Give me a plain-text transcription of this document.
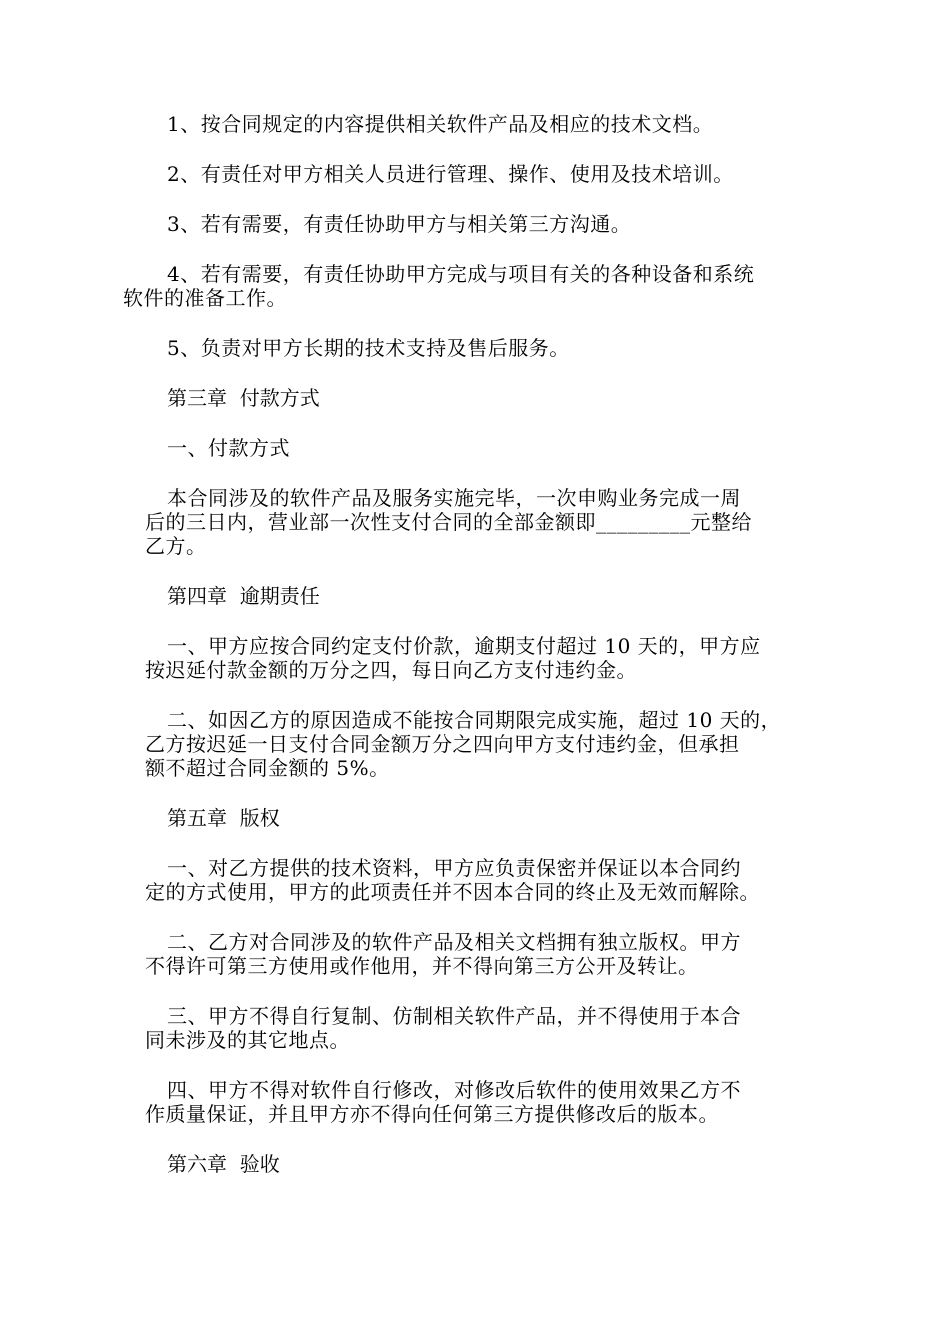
1、按合同规定的内容提供相关软件产品及相应的技术文档。

2、有责任对甲方相关人员进行管理、操作、使用及技术培训。

3、若有需要，有责任协助甲方与相关第三方沟通。

4、若有需要，有责任协助甲方完成与项目有关的各种设备和系统
软件的准备工作。

5、负责对甲方长期的技术支持及售后服务。

第三章  付款方式

一、付款方式

本合同涉及的软件产品及服务实施完毕，一次申购业务完成一周
后的三日内，营业部一次性支付合同的全部金额即_________元整给
乙方。

第四章  逾期责任

一、甲方应按合同约定支付价款，逾期支付超过 10 天的，甲方应
按迟延付款金额的万分之四，每日向乙方支付违约金。

二、如因乙方的原因造成不能按合同期限完成实施，超过 10 天的，
乙方按迟延一日支付合同金额万分之四向甲方支付违约金，但承担
额不超过合同金额的 5%。

第五章  版权

一、对乙方提供的技术资料，甲方应负责保密并保证以本合同约
定的方式使用，甲方的此项责任并不因本合同的终止及无效而解除。

二、乙方对合同涉及的软件产品及相关文档拥有独立版权。甲方
不得许可第三方使用或作他用，并不得向第三方公开及转让。

三、甲方不得自行复制、仿制相关软件产品，并不得使用于本合
同未涉及的其它地点。

四、甲方不得对软件自行修改，对修改后软件的使用效果乙方不
作质量保证，并且甲方亦不得向任何第三方提供修改后的版本。

第六章  验收
